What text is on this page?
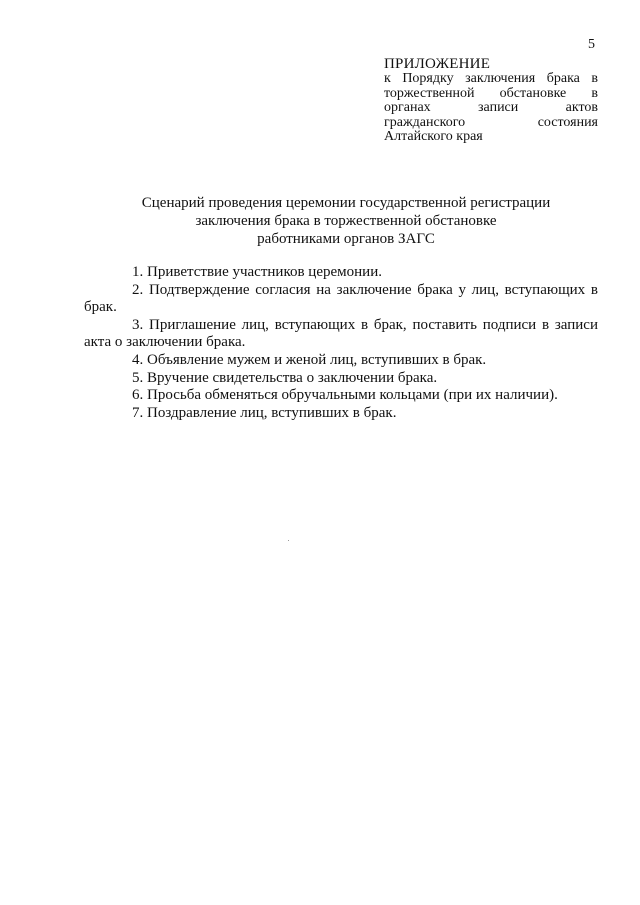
5
ПРИЛОЖЕНИЕ
к Порядку заключения брака в
торжественной обстановке в
органах	записи	актов
гражданского	состояния
Алтайского края
Сценарий проведения церемонии государственной регистрации
заключения брака в торжественной обстановке
работниками органов ЗАГС
1. Приветствие участников церемонии.
2. Подтверждение согласия на заключение брака у лиц, вступающих в
брак.
3. Приглашение лиц, вступающих в брак, поставить подписи в записи
акта о заключении брака.
4. Объявление мужем и женой лиц, вступивших в брак.
5. Вручение свидетельства о заключении брака.
6. Просьба обменяться обручальными кольцами (при их наличии).
7. Поздравление лиц, вступивших в брак.
